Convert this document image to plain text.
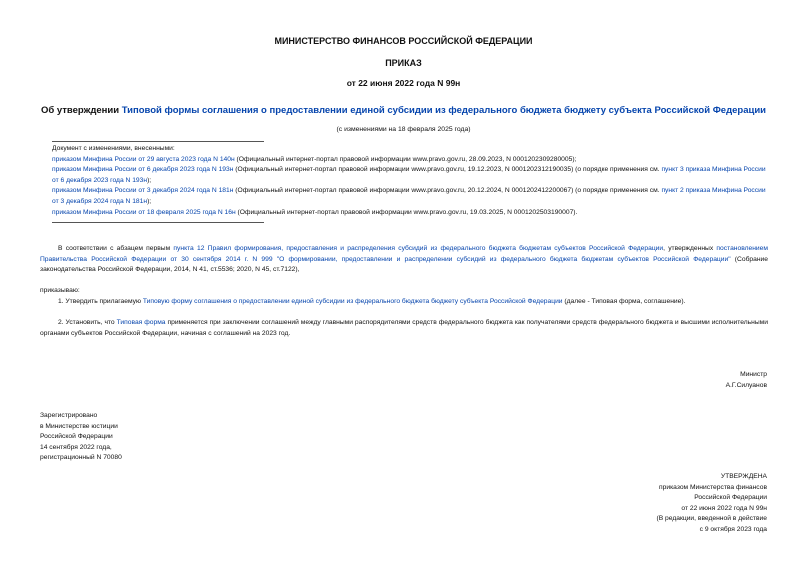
МИНИСТЕРСТВО ФИНАНСОВ РОССИЙСКОЙ ФЕДЕРАЦИИ
ПРИКАЗ
от 22 июня 2022 года N 99н
Об утверждении Типовой формы соглашения о предоставлении единой субсидии из федерального бюджета бюджету субъекта Российской Федерации
(с изменениями на 18 февраля 2025 года)
Документ с изменениями, внесенными:
приказом Минфина России от 29 августа 2023 года N 140н (Официальный интернет-портал правовой информации www.pravo.gov.ru, 28.09.2023, N 0001202309280005);
приказом Минфина России от 6 декабря 2023 года N 193н (Официальный интернет-портал правовой информации www.pravo.gov.ru, 19.12.2023, N 0001202312190035) (о порядке применения см. пункт 3 приказа Минфина России от 6 декабря 2023 года N 193н);
приказом Минфина России от 3 декабря 2024 года N 181н (Официальный интернет-портал правовой информации www.pravo.gov.ru, 20.12.2024, N 0001202412200067) (о порядке применения см. пункт 2 приказа Минфина России от 3 декабря 2024 года N 181н);
приказом Минфина России от 18 февраля 2025 года N 16н (Официальный интернет-портал правовой информации www.pravo.gov.ru, 19.03.2025, N 0001202503190007).
В соответствии с абзацем первым пункта 12 Правил формирования, предоставления и распределения субсидий из федерального бюджета бюджетам субъектов Российской Федерации, утвержденных постановлением Правительства Российской Федерации от 30 сентября 2014 г. N 999 "О формировании, предоставлении и распределении субсидий из федерального бюджета бюджетам субъектов Российской Федерации" (Собрание законодательства Российской Федерации, 2014, N 41, ст.5536; 2020, N 45, ст.7122),
приказываю:
1. Утвердить прилагаемую Типовую форму соглашения о предоставлении единой субсидии из федерального бюджета бюджету субъекта Российской Федерации (далее - Типовая форма, соглашение).
2. Установить, что Типовая форма применяется при заключении соглашений между главными распорядителями средств федерального бюджета как получателями средств федерального бюджета и высшими исполнительными органами субъектов Российской Федерации, начиная с соглашений на 2023 год.
Министр
А.Г.Силуанов
Зарегистрировано
в Министерстве юстиции
Российской Федерации
14 сентября 2022 года,
регистрационный N 70080
УТВЕРЖДЕНА
приказом Министерства финансов
Российской Федерации
от 22 июня 2022 года N 99н
(В редакции, введенной в действие
с 9 октября 2023 года
